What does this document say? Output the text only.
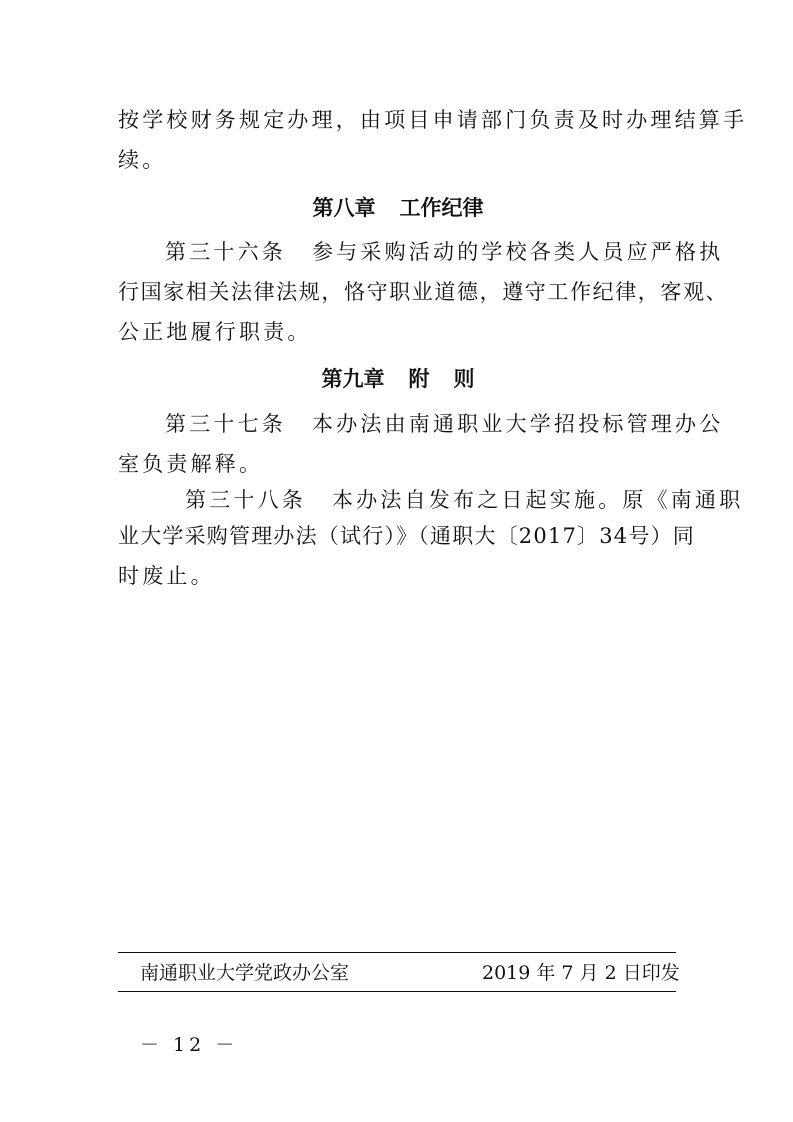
按学校财务规定办理，由项目申请部门负责及时办理结算手
续。
第八章 工作纪律
第三十六条 参与采购活动的学校各类人员应严格执
行国家相关法律法规，恪守职业道德，遵守工作纪律，客观、
公正地履行职责。
第九章 附 则
第三十七条 本办法由南通职业大学招投标管理办公
室负责解释。
第三十八条 本办法自发布之日起实施。原《南通职
业大学采购管理办法（试行）》（通职大〔2017〕34号）同
时废止。
南通职业大学党政办公室	2019 年 7 月 2 日印发
－ 12 －
